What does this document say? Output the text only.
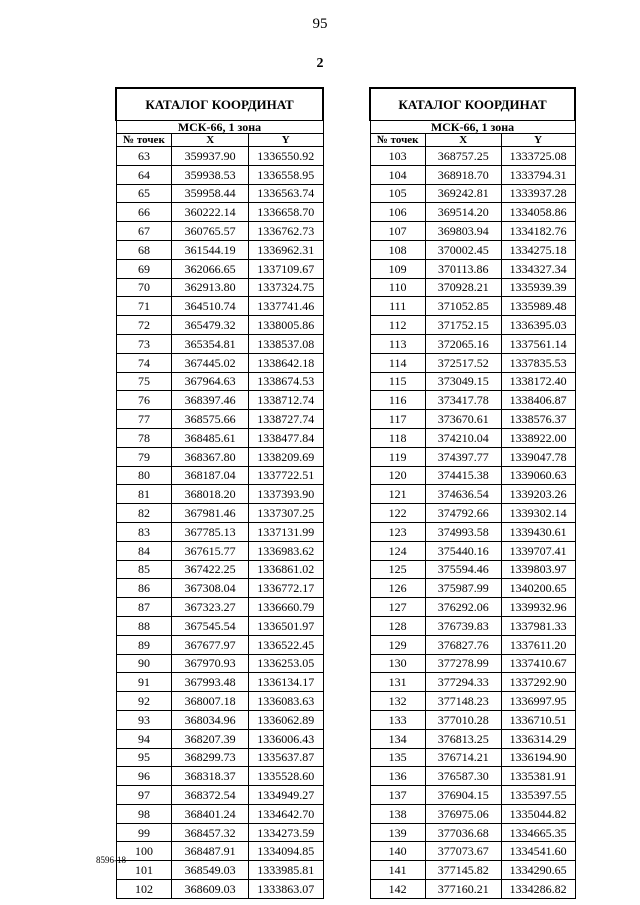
95
2
КАТАЛОГ КООРДИНАТ		
МСК-66, 1 зона		
№ точек	X	Y
63	359937.90	1336550.92
64	359938.53	1336558.95
65	359958.44	1336563.74
66	360222.14	1336658.70
67	360765.57	1336762.73
68	361544.19	1336962.31
69	362066.65	1337109.67
70	362913.80	1337324.75
71	364510.74	1337741.46
72	365479.32	1338005.86
73	365354.81	1338537.08
74	367445.02	1338642.18
75	367964.63	1338674.53
76	368397.46	1338712.74
77	368575.66	1338727.74
78	368485.61	1338477.84
79	368367.80	1338209.69
80	368187.04	1337722.51
81	368018.20	1337393.90
82	367981.46	1337307.25
83	367785.13	1337131.99
84	367615.77	1336983.62
85	367422.25	1336861.02
86	367308.04	1336772.17
87	367323.27	1336660.79
88	367545.54	1336501.97
89	367677.97	1336522.45
90	367970.93	1336253.05
91	367993.48	1336134.17
92	368007.18	1336083.63
93	368034.96	1336062.89
94	368207.39	1336006.43
95	368299.73	1335637.87
96	368318.37	1335528.60
97	368372.54	1334949.27
98	368401.24	1334642.70
99	368457.32	1334273.59
100	368487.91	1334094.85
101	368549.03	1333985.81
102	368609.03	1333863.07
КАТАЛОГ КООРДИНАТ		
МСК-66, 1 зона		
№ точек	X	Y
103	368757.25	1333725.08
104	368918.70	1333794.31
105	369242.81	1333937.28
106	369514.20	1334058.86
107	369803.94	1334182.76
108	370002.45	1334275.18
109	370113.86	1334327.34
110	370928.21	1335939.39
111	371052.85	1335989.48
112	371752.15	1336395.03
113	372065.16	1337561.14
114	372517.52	1337835.53
115	373049.15	1338172.40
116	373417.78	1338406.87
117	373670.61	1338576.37
118	374210.04	1338922.00
119	374397.77	1339047.78
120	374415.38	1339060.63
121	374636.54	1339203.26
122	374792.66	1339302.14
123	374993.58	1339430.61
124	375440.16	1339707.41
125	375594.46	1339803.97
126	375987.99	1340200.65
127	376292.06	1339932.96
128	376739.83	1337981.33
129	376827.76	1337611.20
130	377278.99	1337410.67
131	377294.33	1337292.90
132	377148.23	1336997.95
133	377010.28	1336710.51
134	376813.25	1336314.29
135	376714.21	1336194.90
136	376587.30	1335381.91
137	376904.15	1335397.55
138	376975.06	1335044.82
139	377036.68	1334665.35
140	377073.67	1334541.60
141	377145.82	1334290.65
142	377160.21	1334286.82
8596-18
